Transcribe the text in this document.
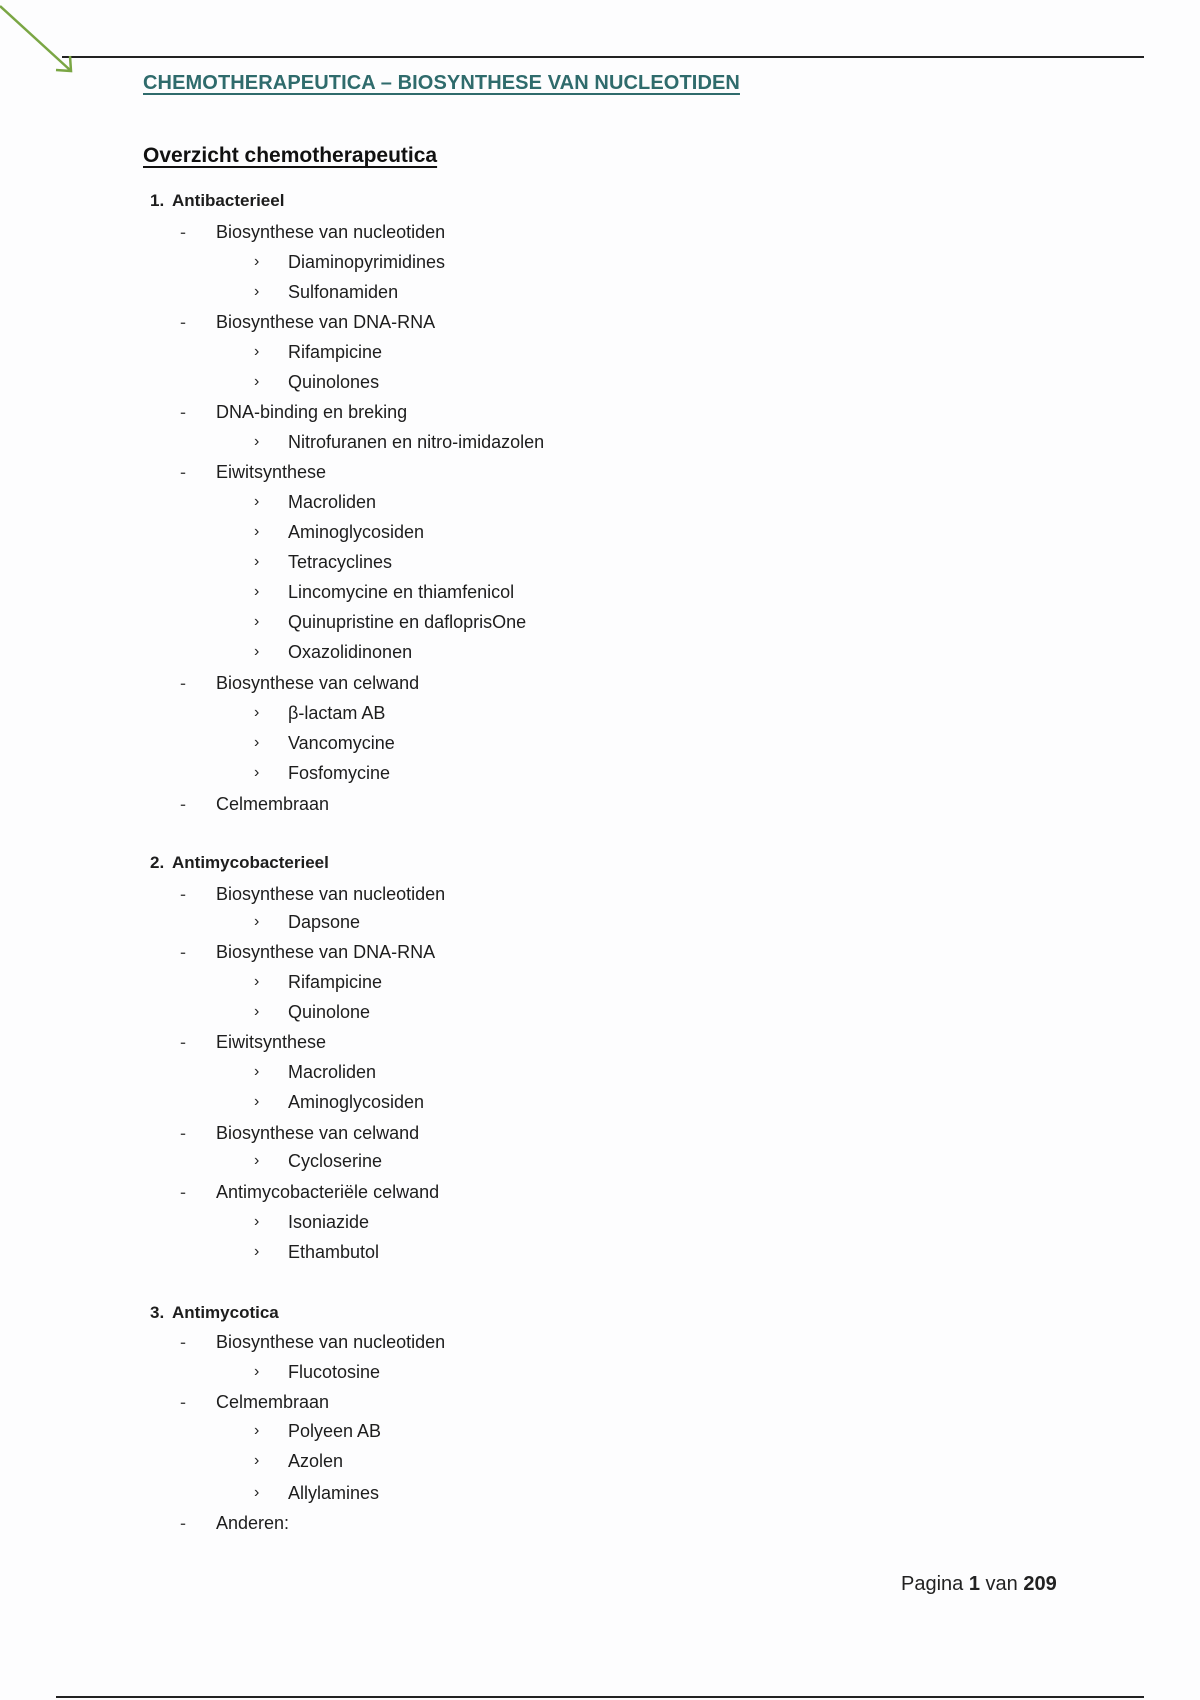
CHEMOTHERAPEUTICA – BIOSYNTHESE VAN NUCLEOTIDEN
Overzicht chemotherapeutica
1. Antibacterieel
- Biosynthese van nucleotiden
› Diaminopyrimidines
› Sulfonamiden
- Biosynthese van DNA-RNA
› Rifampicine
› Quinolones
- DNA-binding en breking
› Nitrofuranen en nitro-imidazolen
- Eiwitsynthese
› Macroliden
› Aminoglycosiden
› Tetracyclines
› Lincomycine en thiamfenicol
› Quinupristine en dafloprisOne
› Oxazolidinonen
- Biosynthese van celwand
› β-lactam AB
› Vancomycine
› Fosfomycine
- Celmembraan
2. Antimycobacterieel
- Biosynthese van nucleotiden
› Dapsone
- Biosynthese van DNA-RNA
› Rifampicine
› Quinolone
- Eiwitsynthese
› Macroliden
› Aminoglycosiden
- Biosynthese van celwand
› Cycloserine
- Antimycobacteriële celwand
› Isoniazide
› Ethambutol
3. Antimycotica
- Biosynthese van nucleotiden
› Flucotosine
- Celmembraan
› Polyeen AB
› Azolen
› Allylamines
- Anderen:
Pagina 1 van 209
